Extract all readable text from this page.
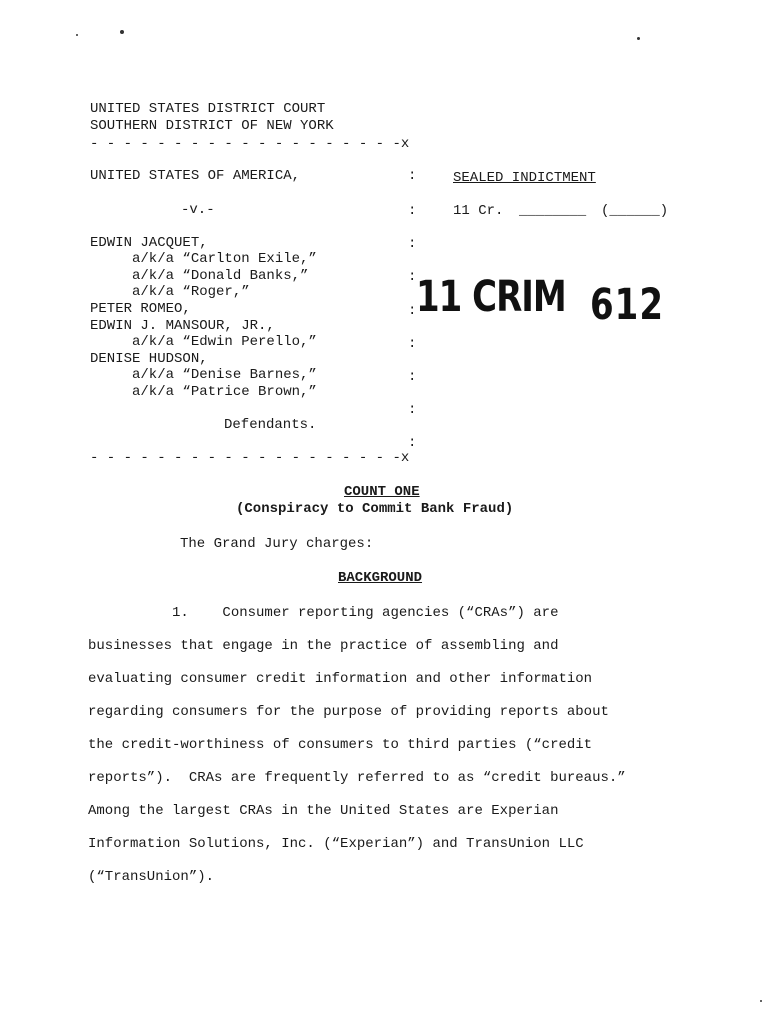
UNITED STATES DISTRICT COURT
SOUTHERN DISTRICT OF NEW YORK
- - - - - - - - - - - - - - - - - - -x
UNITED STATES OF AMERICA,
-v.-
EDWIN JACQUET,
a/k/a “Carlton Exile,”
a/k/a “Donald Banks,”
a/k/a “Roger,”
PETER ROMEO,
EDWIN J. MANSOUR, JR.,
a/k/a “Edwin Perello,”
DENISE HUDSON,
a/k/a “Denise Barnes,”
a/k/a “Patrice Brown,”
Defendants.
- - - - - - - - - - - - - - - - - - -x
:
:
:
:
:
:
:
:
:
SEALED INDICTMENT
11 Cr. ________ (______)
11 CRIM 612
COUNT ONE
(Conspiracy to Commit Bank Fraud)
The Grand Jury charges:
BACKGROUND
1.    Consumer reporting agencies (“CRAs”) are
businesses that engage in the practice of assembling and
evaluating consumer credit information and other information
regarding consumers for the purpose of providing reports about
the credit-worthiness of consumers to third parties (“credit
reports”).  CRAs are frequently referred to as “credit bureaus.”
Among the largest CRAs in the United States are Experian
Information Solutions, Inc. (“Experian”) and TransUnion LLC
(“TransUnion”).
